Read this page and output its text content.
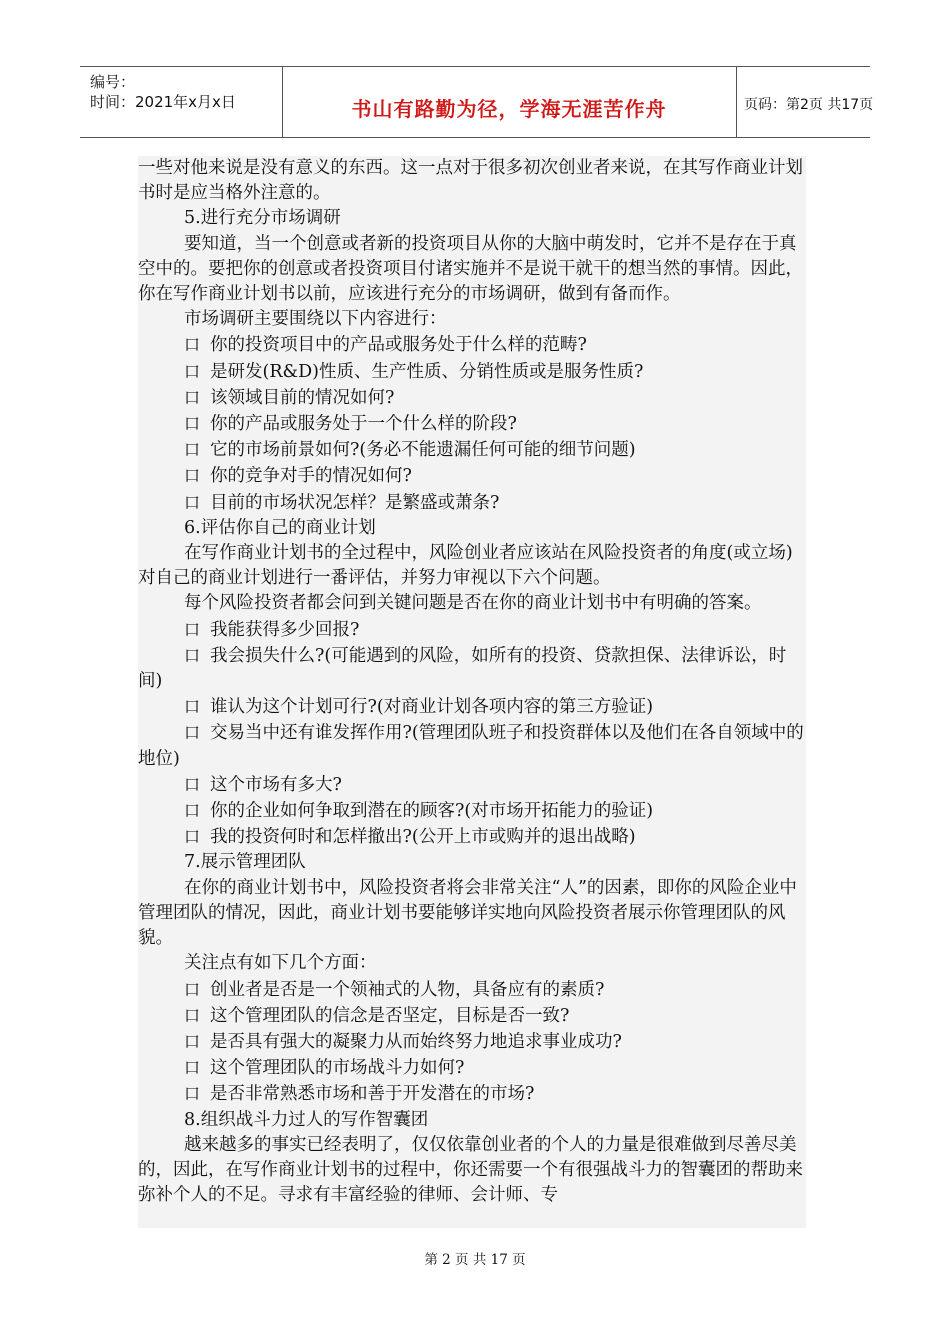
编号：
时间：2021年x月x日	书山有路勤为径，学海无涯苦作舟	页码：第2页 共17页

一些对他来说是没有意义的东西。这一点对于很多初次创业者来说，在其写作商业计划书时是应当格外注意的。

5.进行充分市场调研

要知道，当一个创意或者新的投资项目从你的大脑中萌发时，它并不是存在于真空中的。要把你的创意或者投资项目付诸实施并不是说干就干的想当然的事情。因此，你在写作商业计划书以前，应该进行充分的市场调研，做到有备而作。

市场调研主要围绕以下内容进行：

口 你的投资项目中的产品或服务处于什么样的范畴?

口 是研发(R&D)性质、生产性质、分销性质或是服务性质?

口 该领域目前的情况如何?

口 你的产品或服务处于一个什么样的阶段?

口 它的市场前景如何?(务必不能遗漏任何可能的细节问题)

口 你的竞争对手的情况如何?

口 目前的市场状况怎样？是繁盛或萧条?

6.评估你自己的商业计划

在写作商业计划书的全过程中，风险创业者应该站在风险投资者的角度(或立场)对自己的商业计划进行一番评估，并努力审视以下六个问题。

每个风险投资者都会问到关键问题是否在你的商业计划书中有明确的答案。

口 我能获得多少回报?

口 我会损失什么?(可能遇到的风险，如所有的投资、贷款担保、法律诉讼，时间)

口 谁认为这个计划可行?(对商业计划各项内容的第三方验证)

口 交易当中还有谁发挥作用?(管理团队班子和投资群体以及他们在各自领域中的地位)

口 这个市场有多大?

口 你的企业如何争取到潜在的顾客?(对市场开拓能力的验证)

口 我的投资何时和怎样撤出?(公开上市或购并的退出战略)

7.展示管理团队

在你的商业计划书中，风险投资者将会非常关注“人”的因素，即你的风险企业中管理团队的情况，因此，商业计划书要能够详实地向风险投资者展示你管理团队的风貌。

关注点有如下几个方面：

口 创业者是否是一个领袖式的人物，具备应有的素质?

口 这个管理团队的信念是否坚定，目标是否一致?

口 是否具有强大的凝聚力从而始终努力地追求事业成功?

口 这个管理团队的市场战斗力如何?

口 是否非常熟悉市场和善于开发潜在的市场?

8.组织战斗力过人的写作智囊团

越来越多的事实已经表明了，仅仅依靠创业者的个人的力量是很难做到尽善尽美的，因此，在写作商业计划书的过程中，你还需要一个有很强战斗力的智囊团的帮助来弥补个人的不足。寻求有丰富经验的律师、会计师、专

第 2 页 共 17 页
